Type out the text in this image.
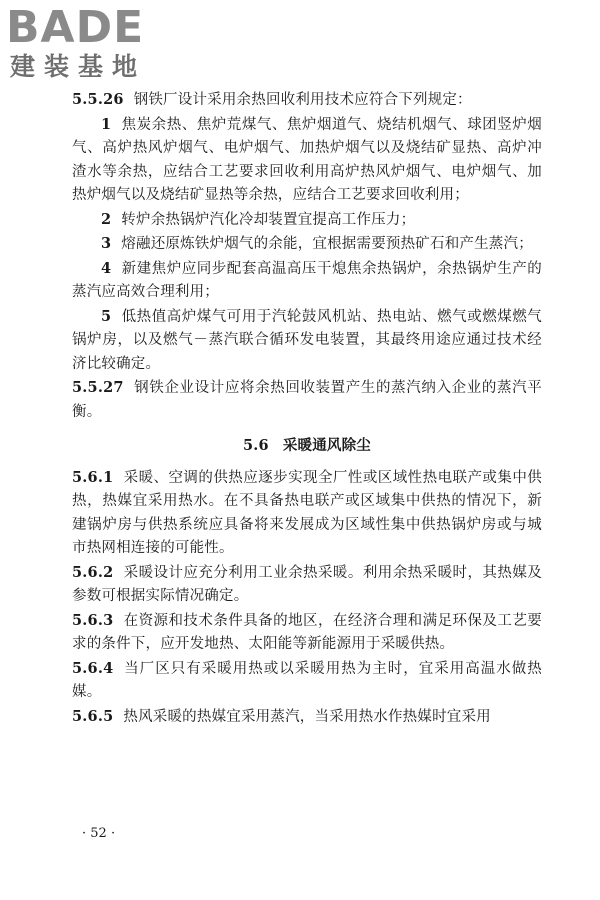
BADE
建装基地

5.5.26 钢铁厂设计采用余热回收利用技术应符合下列规定：

1 焦炭余热、焦炉荒煤气、焦炉烟道气、烧结机烟气、球团竖炉烟气、高炉热风炉烟气、电炉烟气、加热炉烟气以及烧结矿显热、高炉冲渣水等余热，应结合工艺要求回收利用高炉热风炉烟气、电炉烟气、加热炉烟气以及烧结矿显热等余热，应结合工艺要求回收利用；

2 转炉余热锅炉汽化冷却装置宜提高工作压力；

3 熔融还原炼铁炉烟气的余能，宜根据需要预热矿石和产生蒸汽；

4 新建焦炉应同步配套高温高压干熄焦余热锅炉，余热锅炉生产的蒸汽应高效合理利用；

5 低热值高炉煤气可用于汽轮鼓风机站、热电站、燃气或燃煤燃气锅炉房，以及燃气－蒸汽联合循环发电装置，其最终用途应通过技术经济比较确定。

5.5.27 钢铁企业设计应将余热回收装置产生的蒸汽纳入企业的蒸汽平衡。

5.6 采暖通风除尘

5.6.1 采暖、空调的供热应逐步实现全厂性或区域性热电联产或集中供热，热媒宜采用热水。在不具备热电联产或区域集中供热的情况下，新建锅炉房与供热系统应具备将来发展成为区域性集中供热锅炉房或与城市热网相连接的可能性。

5.6.2 采暖设计应充分利用工业余热采暖。利用余热采暖时，其热媒及参数可根据实际情况确定。

5.6.3 在资源和技术条件具备的地区，在经济合理和满足环保及工艺要求的条件下，应开发地热、太阳能等新能源用于采暖供热。

5.6.4 当厂区只有采暖用热或以采暖用热为主时，宜采用高温水做热媒。

5.6.5 热风采暖的热媒宜采用蒸汽，当采用热水作热媒时宜采用

· 52 ·
